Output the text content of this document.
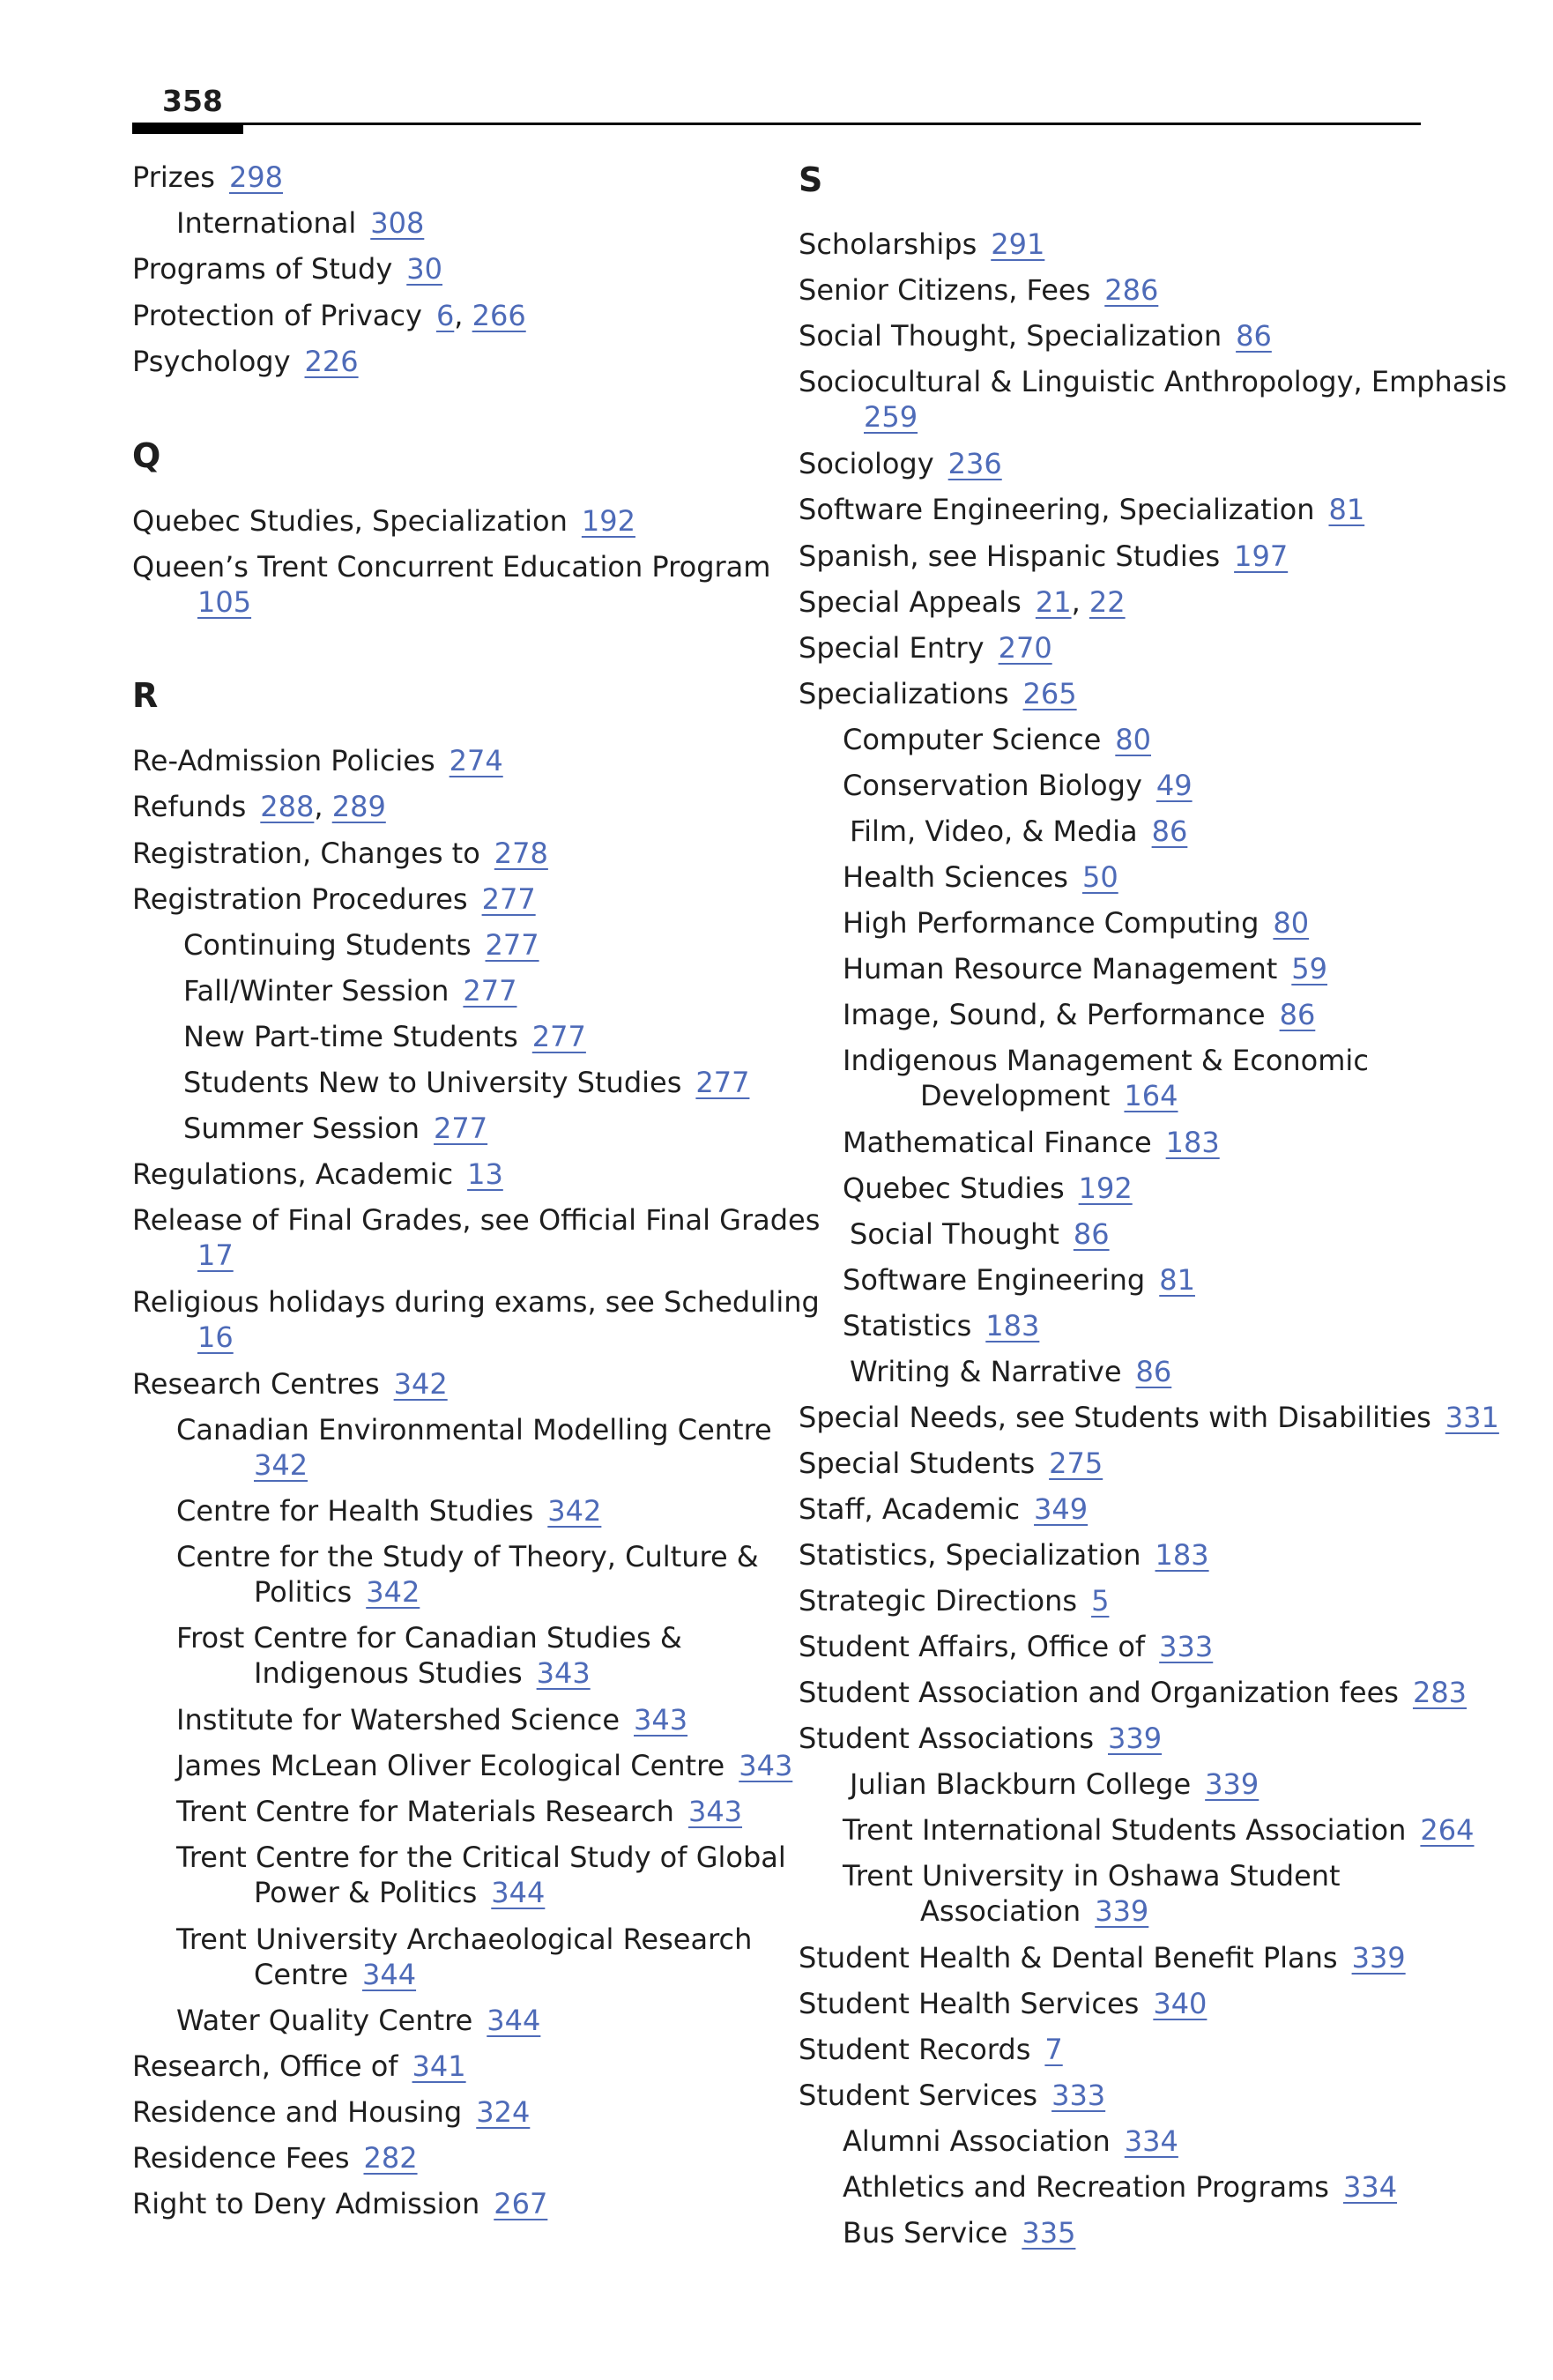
358
Prizes  298
International  308
Programs of Study  30
Protection of Privacy  6, 266
Psychology  226
Q
Quebec Studies, Specialization  192
Queen’s Trent Concurrent Education Program
105
R
Re-Admission Policies  274
Refunds  288, 289
Registration, Changes to  278
Registration Procedures  277
Continuing Students  277
Fall/Winter Session  277
New Part-time Students  277
Students New to University Studies  277
Summer Session  277
Regulations, Academic  13
Release of Final Grades, see Official Final Grades
17
Religious holidays during exams, see Scheduling
16
Research Centres  342
Canadian Environmental Modelling Centre
342
Centre for Health Studies  342
Centre for the Study of Theory, Culture &
Politics  342
Frost Centre for Canadian Studies &
Indigenous Studies  343
Institute for Watershed Science  343
James McLean Oliver Ecological Centre  343
Trent Centre for Materials Research  343
Trent Centre for the Critical Study of Global
Power & Politics  344
Trent University Archaeological Research
Centre  344
Water Quality Centre  344
Research, Office of  341
Residence and Housing  324
Residence Fees  282
Right to Deny Admission  267
S
Scholarships  291
Senior Citizens, Fees  286
Social Thought, Specialization  86
Sociocultural & Linguistic Anthropology, Emphasis
259
Sociology  236
Software Engineering, Specialization  81
Spanish, see Hispanic Studies  197
Special Appeals  21, 22
Special Entry  270
Specializations  265
Computer Science  80
Conservation Biology  49
Film, Video, & Media  86
Health Sciences  50
High Performance Computing  80
Human Resource Management  59
Image, Sound, & Performance  86
Indigenous Management & Economic
Development  164
Mathematical Finance  183
Quebec Studies  192
Social Thought  86
Software Engineering  81
Statistics  183
Writing & Narrative  86
Special Needs, see Students with Disabilities  331
Special Students  275
Staff, Academic  349
Statistics, Specialization  183
Strategic Directions  5
Student Affairs, Office of  333
Student Association and Organization fees  283
Student Associations  339
Julian Blackburn College  339
Trent International Students Association  264
Trent University in Oshawa Student
Association  339
Student Health & Dental Benefit Plans  339
Student Health Services  340
Student Records  7
Student Services  333
Alumni Association  334
Athletics and Recreation Programs  334
Bus Service  335
